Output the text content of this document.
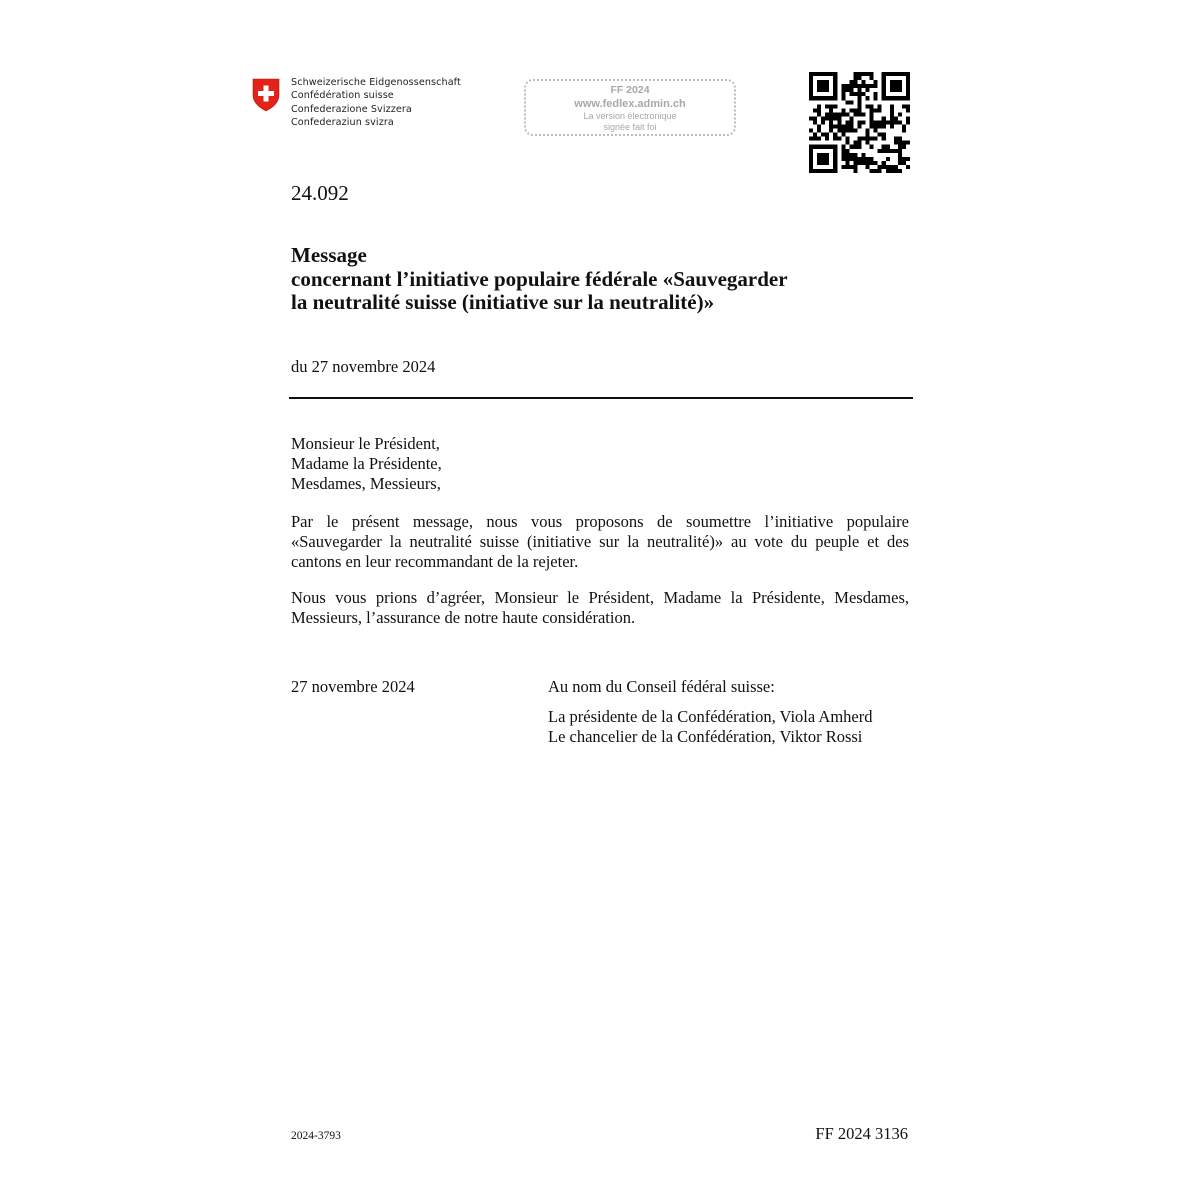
Schweizerische Eidgenossenschaft
Confédération suisse
Confederazione Svizzera
Confederaziun svizra
FF 2024
www.fedlex.admin.ch
La version électronique
signée fait foi
24.092
Message
concernant l’initiative populaire fédérale «Sauvegarder
la neutralité suisse (initiative sur la neutralité)»
du 27 novembre 2024
Monsieur le Président,
Madame la Présidente,
Mesdames, Messieurs,
Par le présent message, nous vous proposons de soumettre l’initiative populaire «Sauvegarder la neutralité suisse (initiative sur la neutralité)» au vote du peuple et des cantons en leur recommandant de la rejeter.
Nous vous prions d’agréer, Monsieur le Président, Madame la Présidente, Mesdames, Messieurs, l’assurance de notre haute considération.
27 novembre 2024	Au nom du Conseil fédéral suisse:
La présidente de la Confédération, Viola Amherd
Le chancelier de la Confédération, Viktor Rossi
2024-3793	FF 2024 3136
